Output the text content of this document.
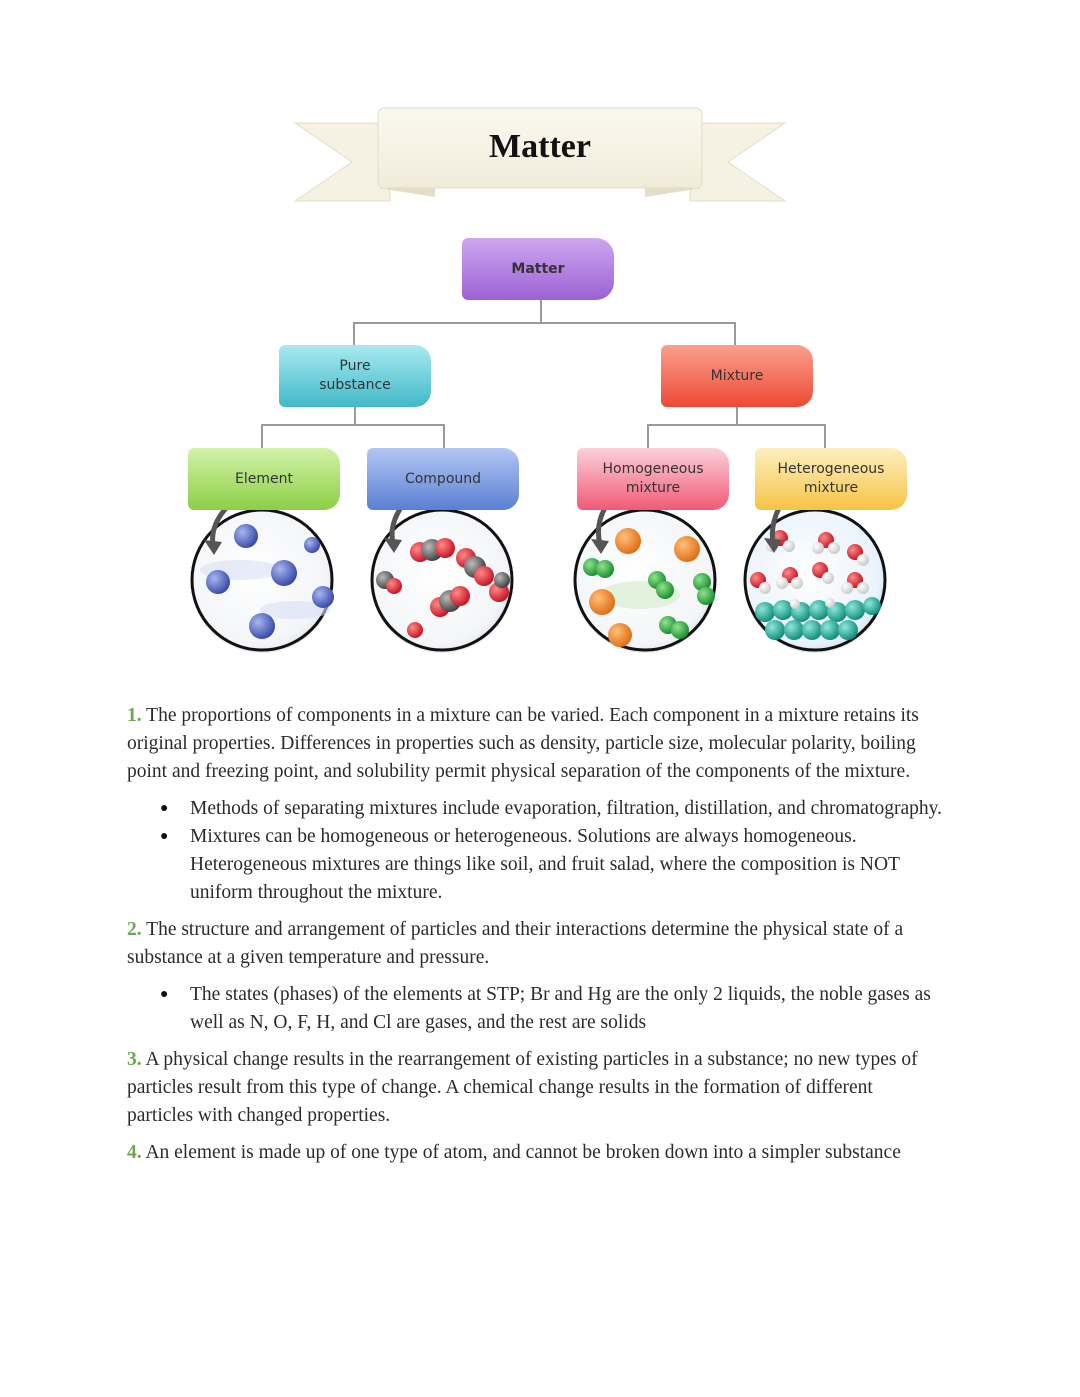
Matter
Matter
Pure
substance
Mixture
Element	Compound
Homogeneous
mixture
Heterogeneous
mixture

1. The proportions of components in a mixture can be varied. Each component in a mixture retains its original properties. Differences in properties such as density, particle size, molecular polarity, boiling point and freezing point, and solubility permit physical separation of the components of the mixture.

● Methods of separating mixtures include evaporation, filtration, distillation, and chromatography.
● Mixtures can be homogeneous or heterogeneous. Solutions are always homogeneous. Heterogeneous mixtures are things like soil, and fruit salad, where the composition is NOT uniform throughout the mixture.

2. The structure and arrangement of particles and their interactions determine the physical state of a substance at a given temperature and pressure.

● The states (phases) of the elements at STP; Br and Hg are the only 2 liquids, the noble gases as well as N, O, F, H, and Cl are gases, and the rest are solids

3. A physical change results in the rearrangement of existing particles in a substance; no new types of particles result from this type of change. A chemical change results in the formation of different particles with changed properties.

4. An element is made up of one type of atom, and cannot be broken down into a simpler substance
